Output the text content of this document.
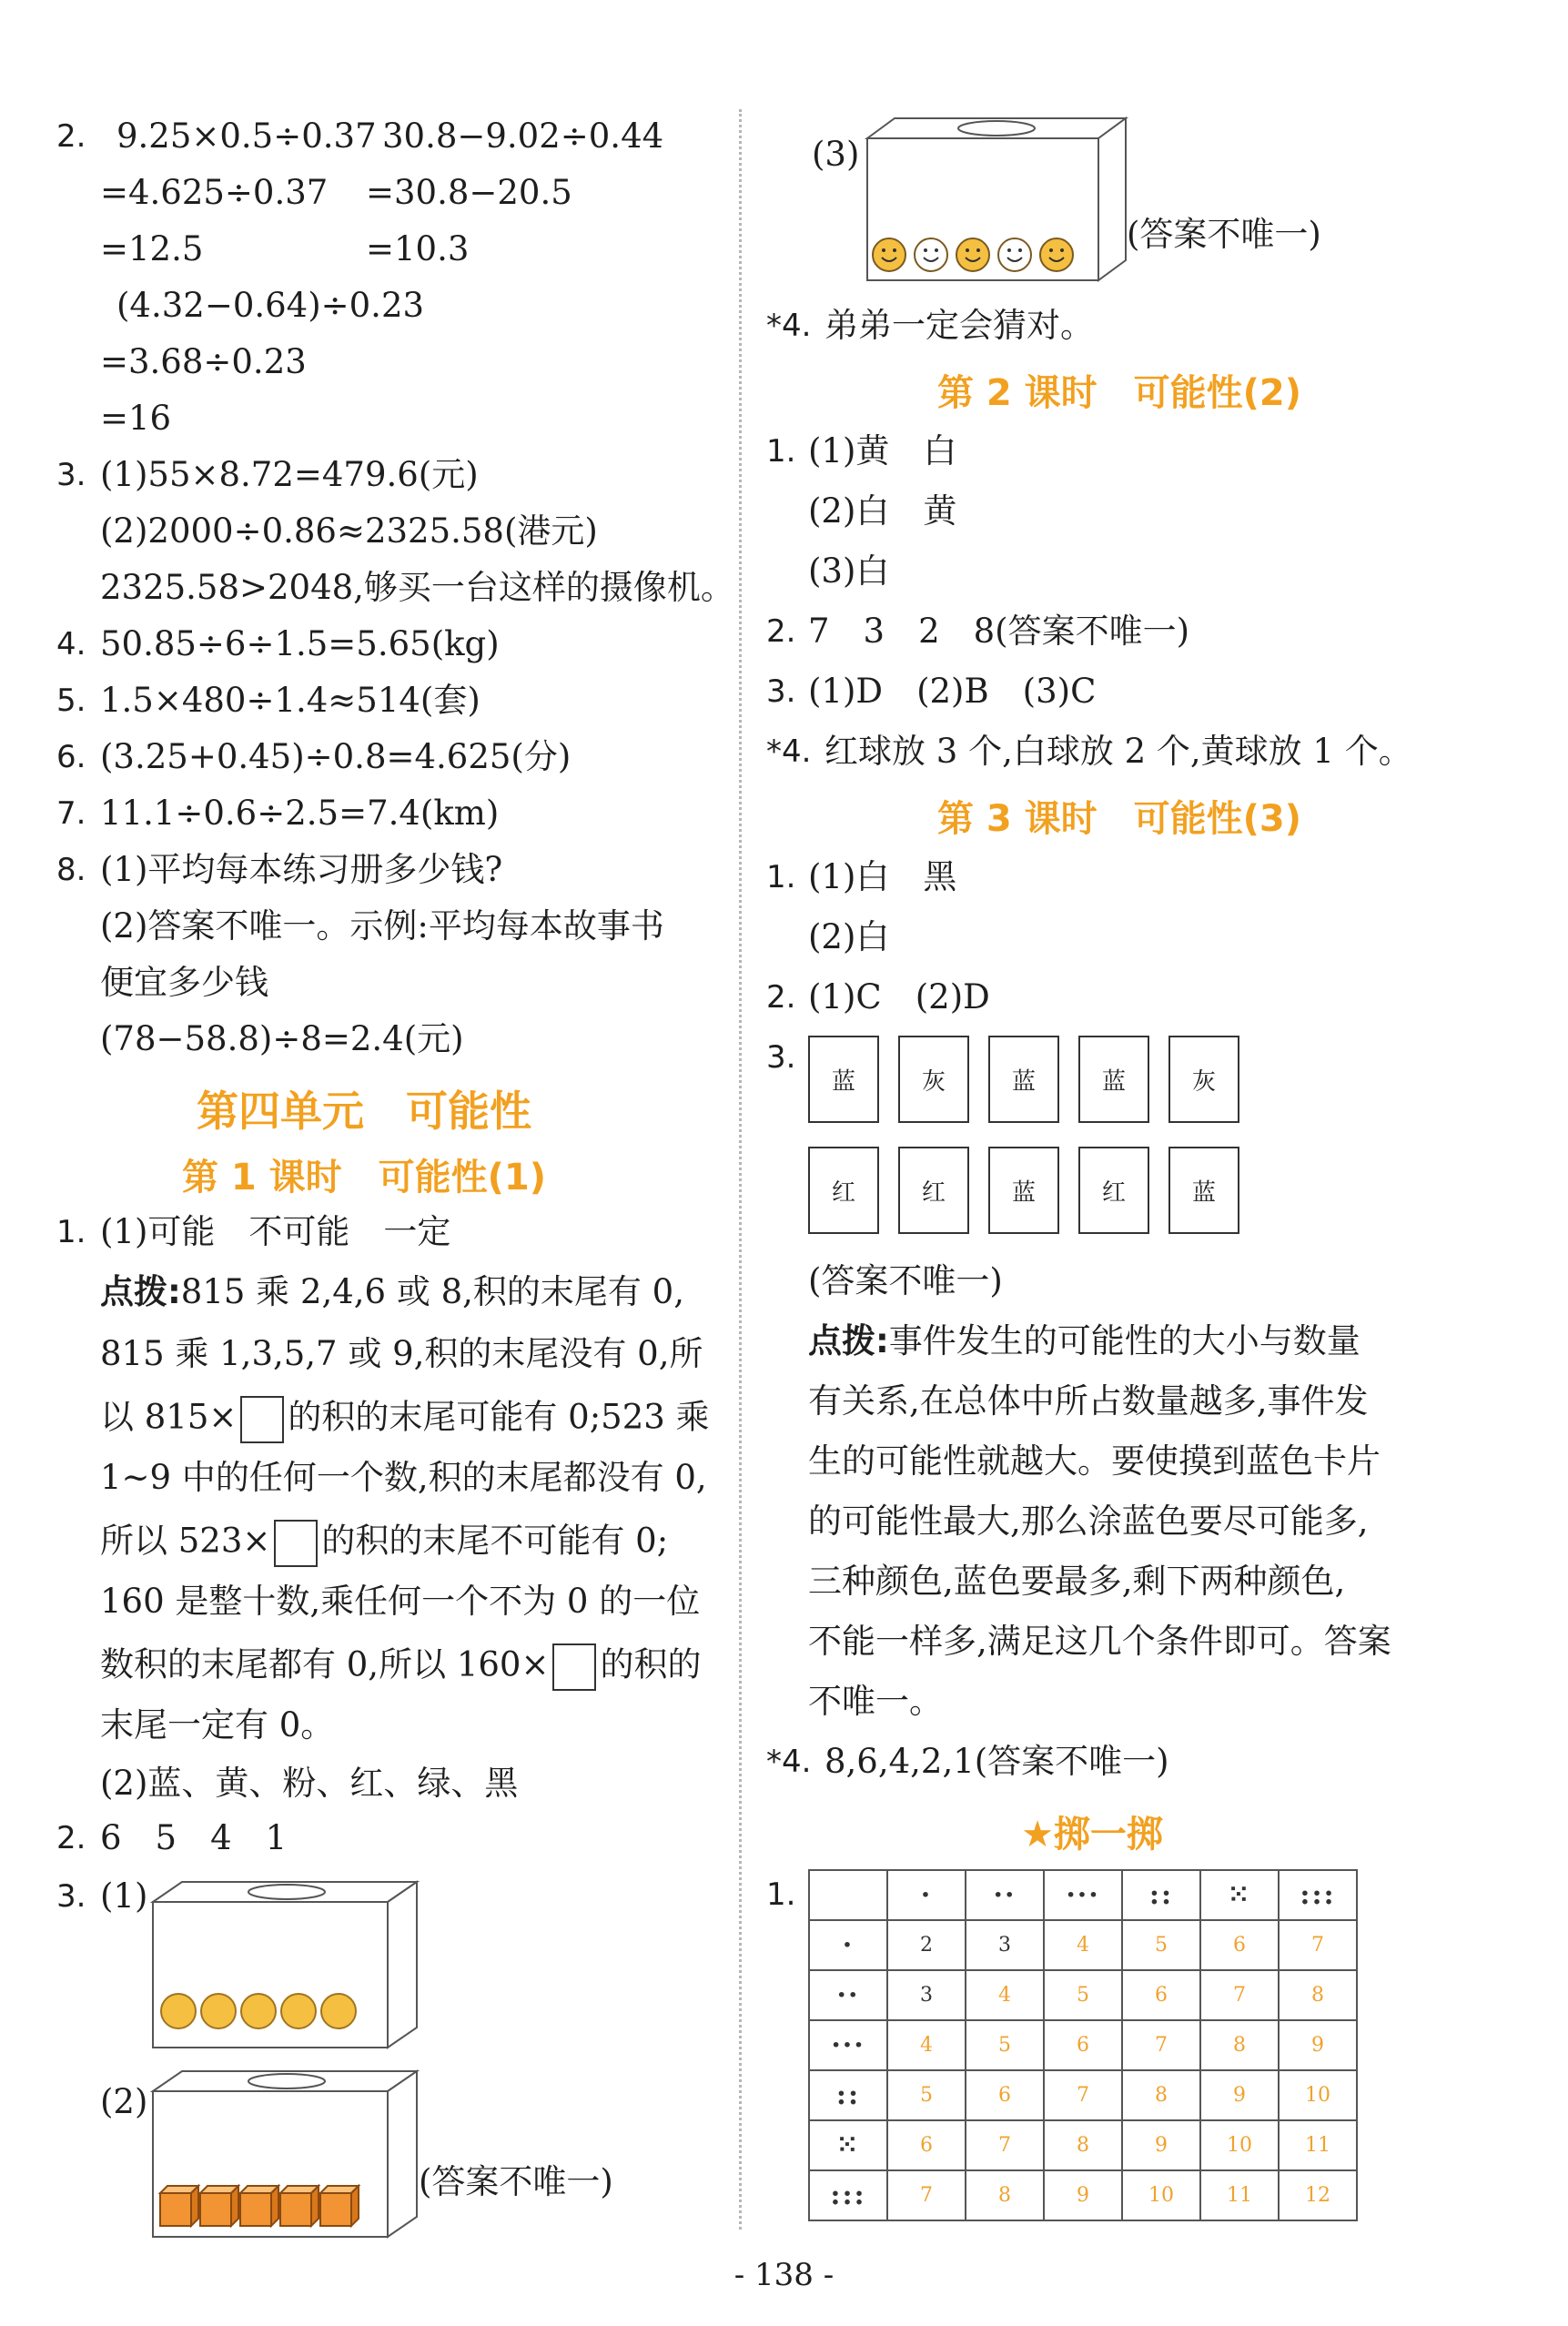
2. 9.25×0.5÷0.37 30.8−9.02÷0.44
=4.625÷0.37 =30.8−20.5
=12.5	=10.3
(4.32−0.64)÷0.23
=3.68÷0.23
=16
3. (1)55×8.72=479.6(元)
(2)2000÷0.86≈2325.58(港元)
2325.58>2048,够买一台这样的摄像机。
4. 50.85÷6÷1.5=5.65(kg)
5. 1.5×480÷1.4≈514(套)
6. (3.25+0.45)÷0.8=4.625(分)
7. 11.1÷0.6÷2.5=7.4(km)
8. (1)平均每本练习册多少钱?
(2)答案不唯一。示例:平均每本故事书
便宜多少钱
(78−58.8)÷8=2.4(元)
第四单元　可能性
第 1 课时　可能性(1)
1. (1)可能　不可能　一定
点拨:815 乘 2,4,6 或 8,积的末尾有 0,
815 乘 1,3,5,7 或 9,积的末尾没有 0,所
以 815× 的积的末尾可能有 0;523 乘
1~9 中的任何一个数,积的末尾都没有 0,
所以 523× 的积的末尾不可能有 0;
160 是整十数,乘任何一个不为 0 的一位
数积的末尾都有 0,所以 160× 的积的
末尾一定有 0。
(2)蓝、黄、粉、红、绿、黑
2. 6　5　4　1
3. (1)
(2)
(答案不唯一)
(3)
(答案不唯一)
*4. 弟弟一定会猜对。
第 2 课时　可能性(2)
1. (1)黄　白
(2)白　黄
(3)白
2. 7　3　2　8(答案不唯一)
3. (1)D　(2)B　(3)C
*4. 红球放 3 个,白球放 2 个,黄球放 1 个。
第 3 课时　可能性(3)
1. (1)白　黑
(2)白
2. (1)C　(2)D
3.
蓝	灰	蓝	蓝	灰
红	红	蓝	红	蓝
(答案不唯一)
点拨:事件发生的可能性的大小与数量
有关系,在总体中所占数量越多,事件发
生的可能性就越大。要使摸到蓝色卡片
的可能性最大,那么涂蓝色要尽可能多,
三种颜色,蓝色要最多,剩下两种颜色,
不能一样多,满足这几个条件即可。答案
不唯一。
*4. 8,6,4,2,1(答案不唯一)
★掷一掷
1.
		·	··	···	::	⁙	:::
·	2	3	4	5	6	7
··	3	4	5	6	7	8
···	4	5	6	7	8	9
::	5	6	7	8	9	10
⁙	6	7	8	9	10	11
:::	7	8	9	10	11	12
- 138 -
